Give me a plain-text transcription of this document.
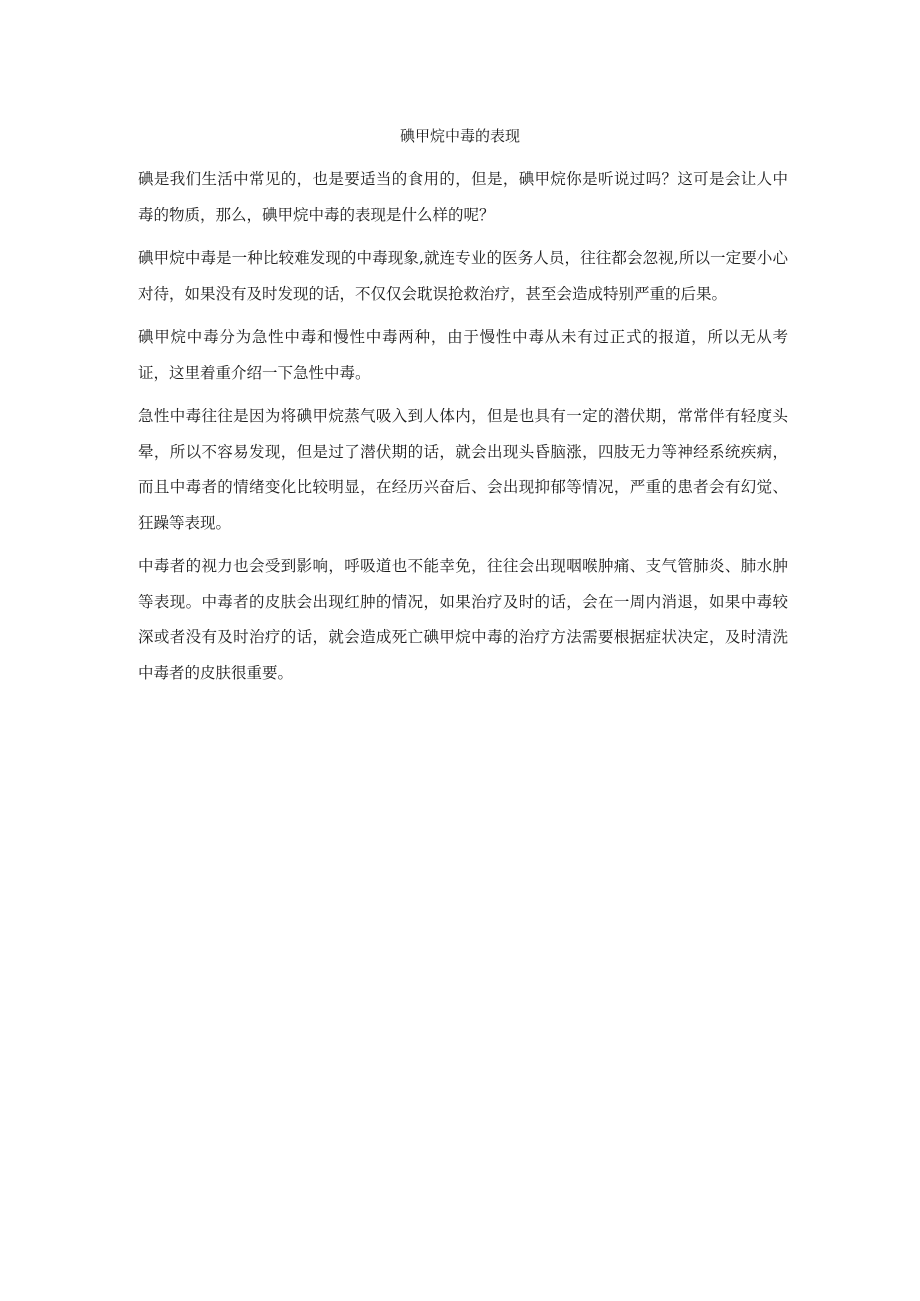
碘甲烷中毒的表现

碘是我们生活中常见的，也是要适当的食用的，但是，碘甲烷你是听说过吗？这可是会让人中毒的物质，那么，碘甲烷中毒的表现是什么样的呢？

碘甲烷中毒是一种比较难发现的中毒现象,就连专业的医务人员，往往都会忽视,所以一定要小心对待，如果没有及时发现的话，不仅仅会耽误抢救治疗，甚至会造成特别严重的后果。

碘甲烷中毒分为急性中毒和慢性中毒两种，由于慢性中毒从未有过正式的报道，所以无从考证，这里着重介绍一下急性中毒。

急性中毒往往是因为将碘甲烷蒸气吸入到人体内，但是也具有一定的潜伏期，常常伴有轻度头晕，所以不容易发现，但是过了潜伏期的话，就会出现头昏脑涨，四肢无力等神经系统疾病，而且中毒者的情绪变化比较明显，在经历兴奋后、会出现抑郁等情况，严重的患者会有幻觉、狂躁等表现。

中毒者的视力也会受到影响，呼吸道也不能幸免，往往会出现咽喉肿痛、支气管肺炎、肺水肿等表现。中毒者的皮肤会出现红肿的情况，如果治疗及时的话，会在一周内消退，如果中毒较深或者没有及时治疗的话，就会造成死亡碘甲烷中毒的治疗方法需要根据症状决定，及时清洗中毒者的皮肤很重要。
